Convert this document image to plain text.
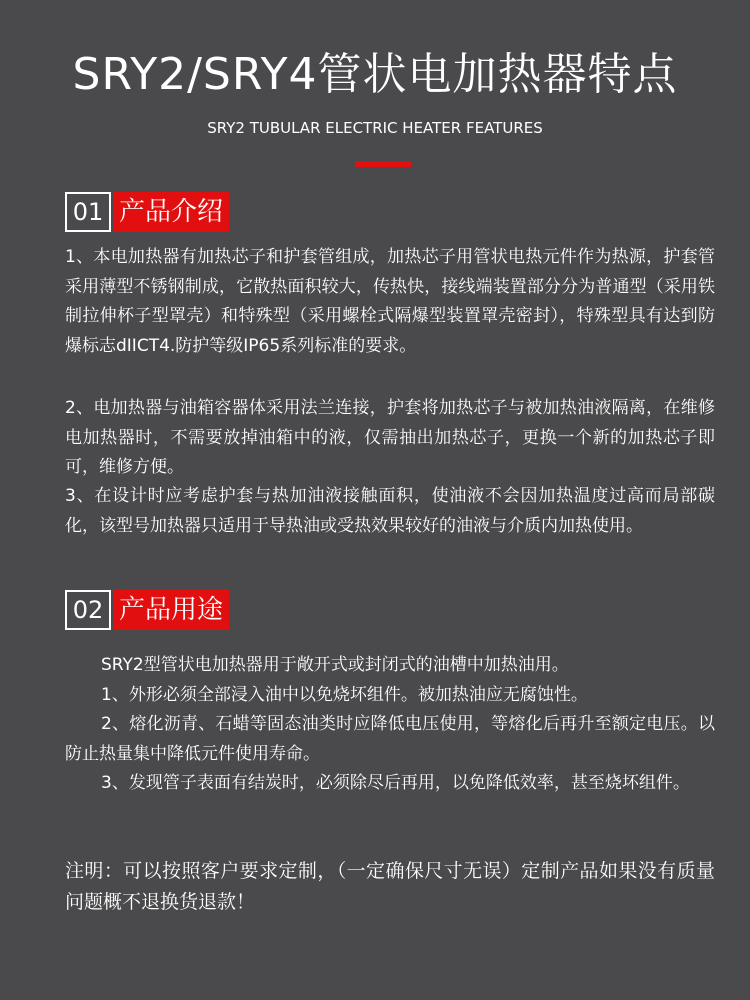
SRY2/SRY4管状电加热器特点
SRY2 TUBULAR ELECTRIC HEATER FEATURES
01 产品介绍

1、本电加热器有加热芯子和护套管组成，加热芯子用管状电热元件作为热源，护套管采用薄型不锈钢制成，它散热面积较大，传热快，接线端装置部分分为普通型（采用铁制拉伸杯子型罩壳）和特殊型（采用螺栓式隔爆型装置罩壳密封），特殊型具有达到防爆标志dIICT4.防护等级IP65系列标准的要求。

2、电加热器与油箱容器体采用法兰连接，护套将加热芯子与被加热油液隔离，在维修电加热器时，不需要放掉油箱中的液，仅需抽出加热芯子，更换一个新的加热芯子即可，维修方便。

3、在设计时应考虑护套与热加油液接触面积，使油液不会因加热温度过高而局部碳化，该型号加热器只适用于导热油或受热效果较好的油液与介质内加热使用。

02 产品用途

SRY2型管状电加热器用于敞开式或封闭式的油槽中加热油用。

1、外形必须全部浸入油中以免烧坏组件。被加热油应无腐蚀性。

2、熔化沥青、石蜡等固态油类时应降低电压使用，等熔化后再升至额定电压。以防止热量集中降低元件使用寿命。

3、发现管子表面有结炭时，必须除尽后再用，以免降低效率，甚至烧坏组件。

注明：可以按照客户要求定制，（一定确保尺寸无误）定制产品如果没有质量问题概不退换货退款！
